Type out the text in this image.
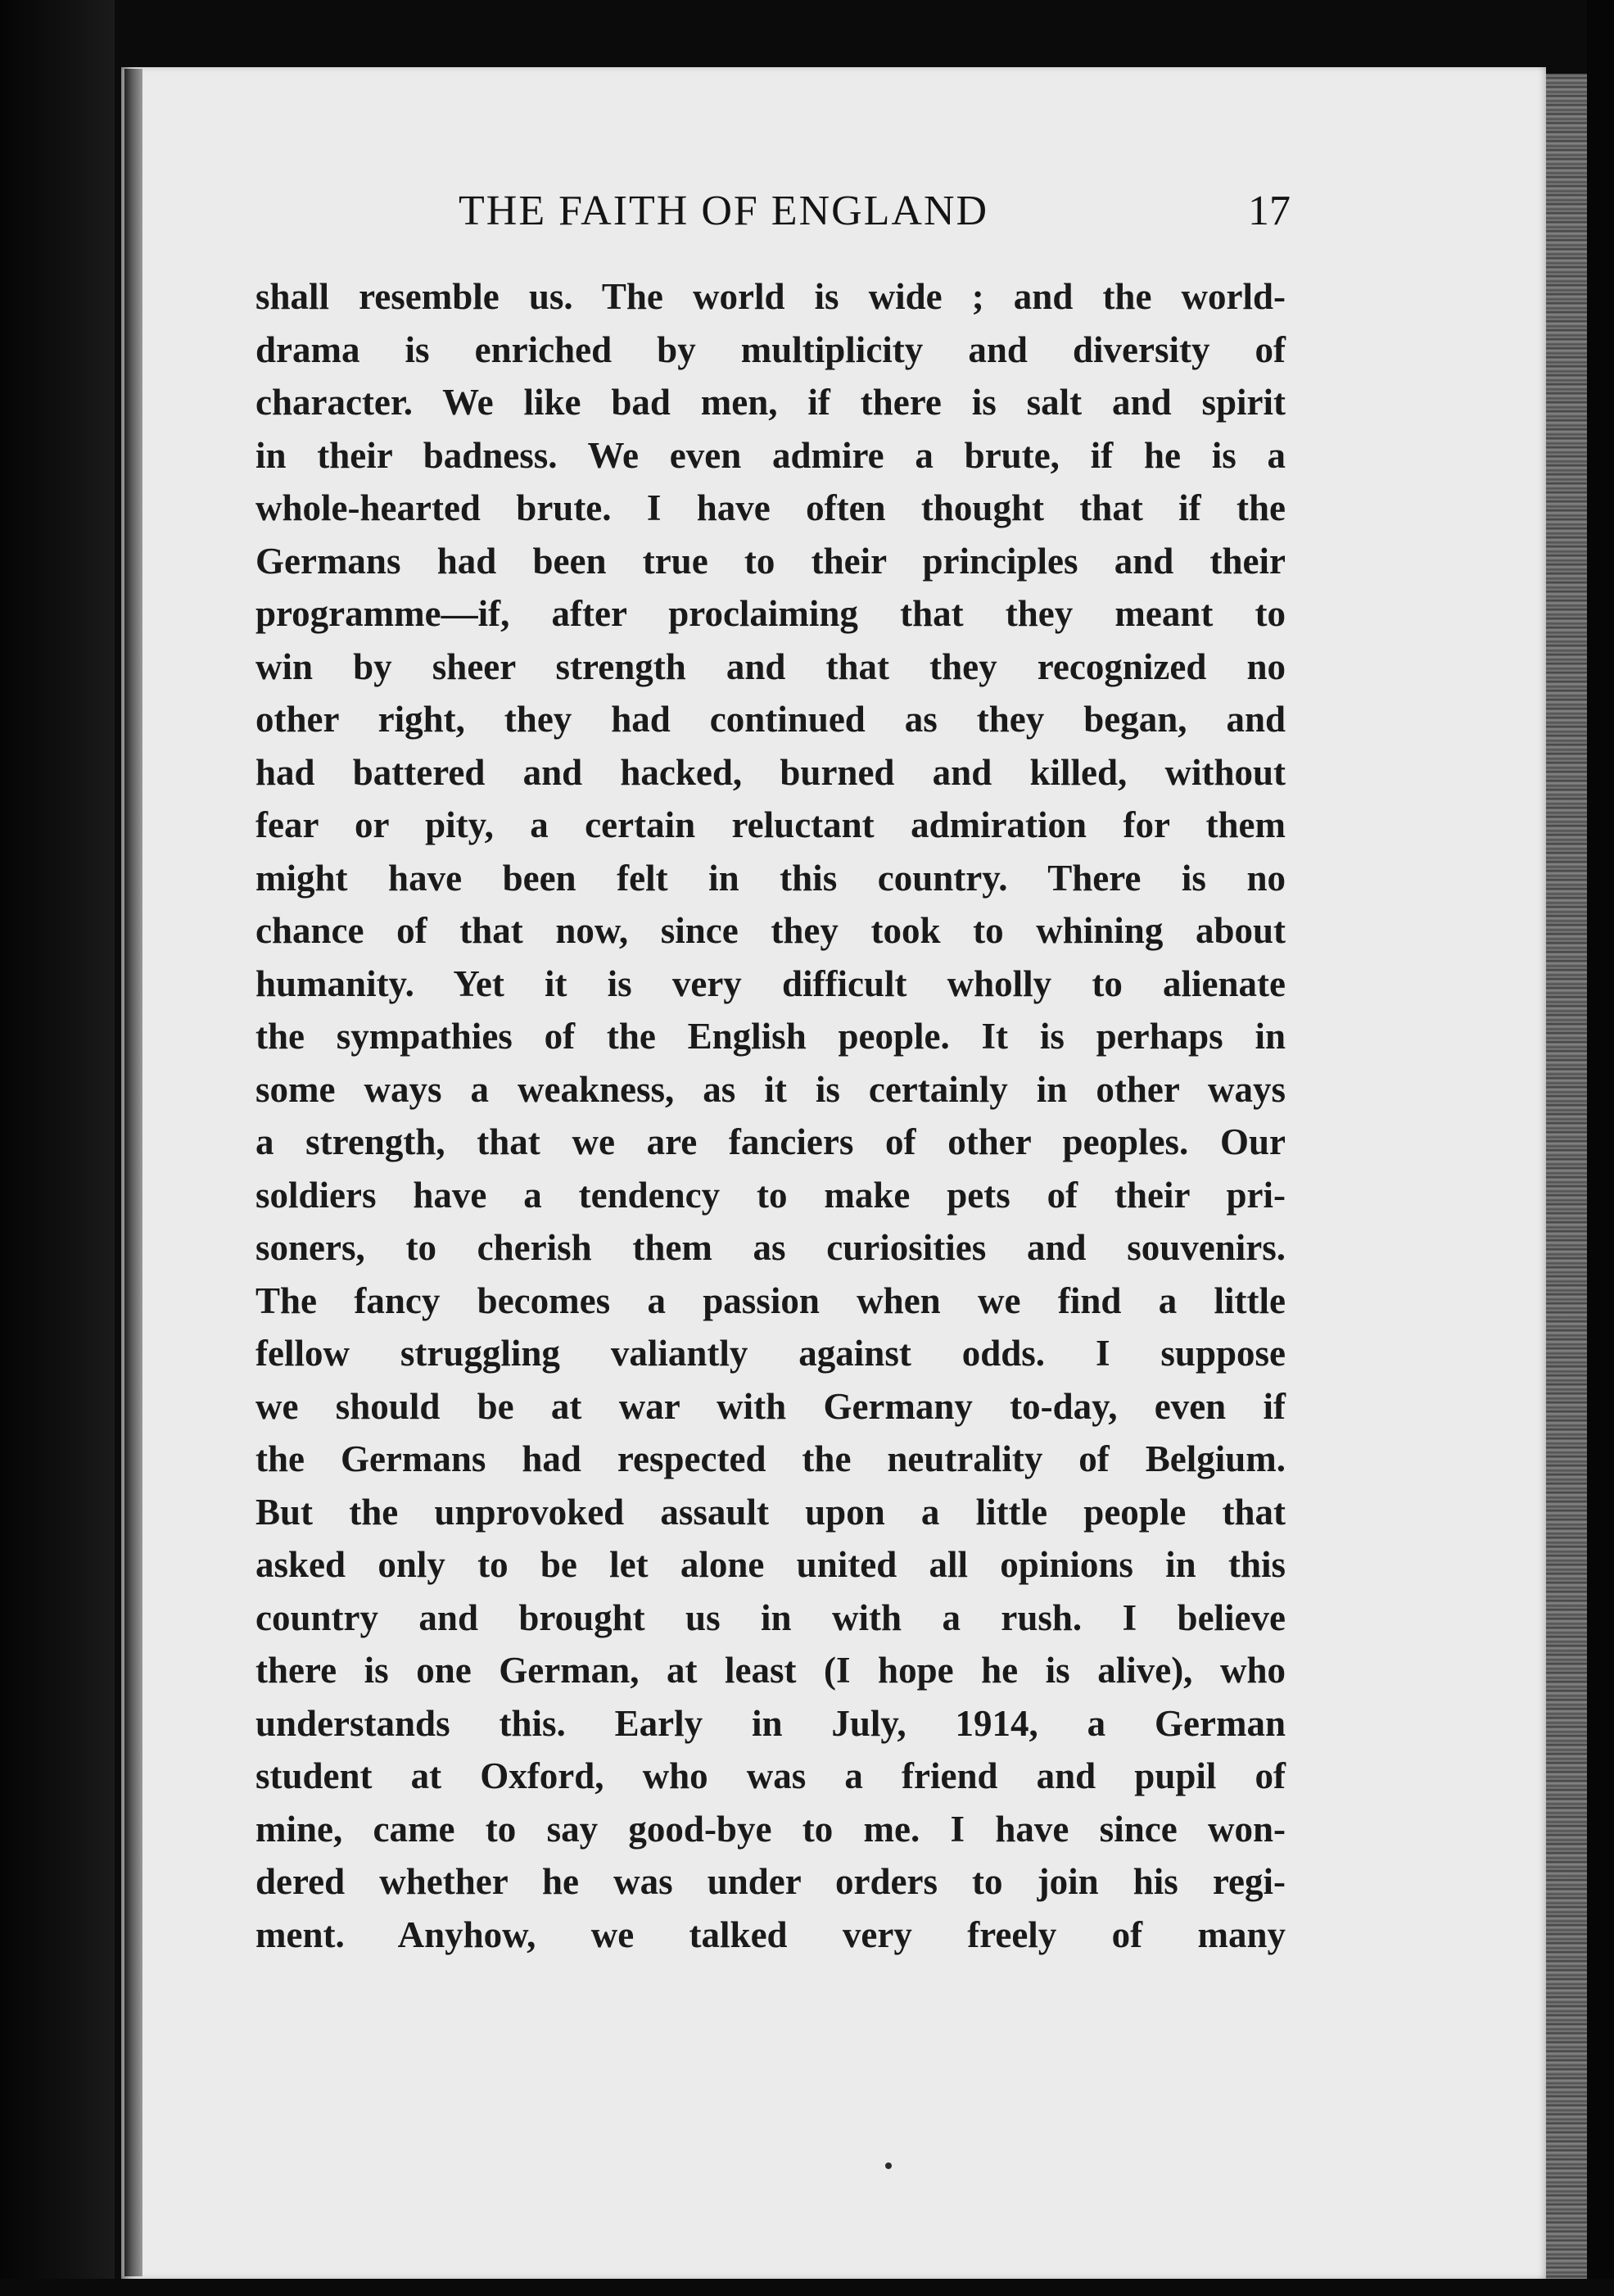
THE FAITH OF ENGLAND	17
shall resemble us. The world is wide ; and the world-
drama is enriched by multiplicity and diversity of
character. We like bad men, if there is salt and spirit
in their badness. We even admire a brute, if he is a
whole-hearted brute. I have often thought that if the
Germans had been true to their principles and their
programme—if, after proclaiming that they meant to
win by sheer strength and that they recognized no
other right, they had continued as they began, and
had battered and hacked, burned and killed, without
fear or pity, a certain reluctant admiration for them
might have been felt in this country. There is no
chance of that now, since they took to whining about
humanity. Yet it is very difficult wholly to alienate
the sympathies of the English people. It is perhaps in
some ways a weakness, as it is certainly in other ways
a strength, that we are fanciers of other peoples. Our
soldiers have a tendency to make pets of their pri-
soners, to cherish them as curiosities and souvenirs.
The fancy becomes a passion when we find a little
fellow struggling valiantly against odds. I suppose
we should be at war with Germany to-day, even if
the Germans had respected the neutrality of Belgium.
But the unprovoked assault upon a little people that
asked only to be let alone united all opinions in this
country and brought us in with a rush. I believe
there is one German, at least (I hope he is alive), who
understands this. Early in July, 1914, a German
student at Oxford, who was a friend and pupil of
mine, came to say good-bye to me. I have since won-
dered whether he was under orders to join his regi-
ment. Anyhow, we talked very freely of many
